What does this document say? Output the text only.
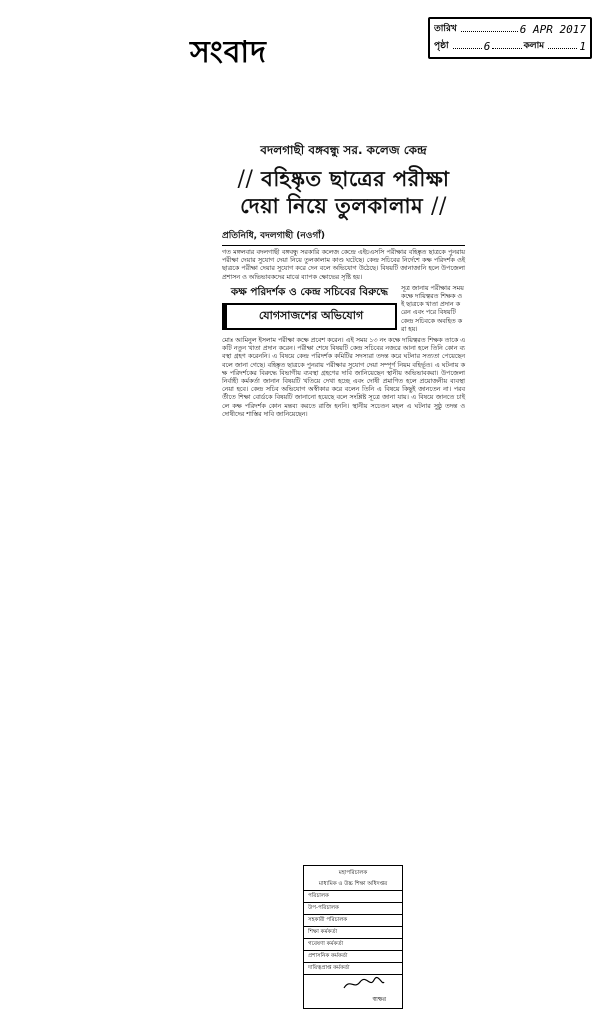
সংবাদ
তারিখ	6 APR 2017
পৃষ্ঠা	6	কলাম	1
বদলগাছী বঙ্গবন্ধু সর. কলেজ কেন্দ্র
// বহিষ্কৃত ছাত্রের পরীক্ষা
দেয়া নিয়ে তুলকালাম //
প্রতিনিধি, বদলগাছী (নওগাঁ)
গত মঙ্গলবার বদলগাছী বঙ্গবন্ধু সরকারি কলেজ কেন্দ্রে এইচএসসি পরীক্ষার বহিষ্কৃত ছাত্রকে পুনরায় পরীক্ষা দেয়ার সুযোগ দেয়া নিয়ে তুলকালাম কাণ্ড ঘটেছে। কেন্দ্র সচিবের নির্দেশে কক্ষ পরিদর্শক ওই ছাত্রকে পরীক্ষা দেয়ার সুযোগ করে দেন বলে অভিযোগ উঠেছে। বিষয়টি জানাজানি হলে উপজেলা প্রশাসন ও অভিভাবকদের মাঝে ব্যাপক ক্ষোভের সৃষ্টি হয়।
কক্ষ পরিদর্শক ও কেন্দ্র সচিবের বিরুদ্ধে
যোগসাজশের অভিযোগ
সূত্র জানায় পরীক্ষার সময় কক্ষে দায়িত্বরত শিক্ষক ওই ছাত্রকে খাতা প্রদান করেন এবং পরে বিষয়টি কেন্দ্র সচিবকে অবহিত করা হয়।
মোঃ আমিনুল ইসলাম পরীক্ষা কক্ষে প্রবেশ করেন। এই সময় ১৩ নং কক্ষে দায়িত্বরত শিক্ষক তাকে একটি নতুন খাতা প্রদান করেন। পরীক্ষা শেষে বিষয়টি কেন্দ্র সচিবের নজরে আনা হলে তিনি কোন ব্যবস্থা গ্রহণ করেননি। এ বিষয়ে কেন্দ্র পরিদর্শক কমিটির সদস্যরা তদন্ত করে ঘটনার সত্যতা পেয়েছেন বলে জানা গেছে। বহিষ্কৃত ছাত্রকে পুনরায় পরীক্ষার সুযোগ দেয়া সম্পূর্ণ নিয়ম বহির্ভূত। এ ঘটনায় কক্ষ পরিদর্শকের বিরুদ্ধে বিভাগীয় ব্যবস্থা গ্রহণের দাবি জানিয়েছেন স্থানীয় অভিভাবকরা। উপজেলা নির্বাহী কর্মকর্তা জানান বিষয়টি খতিয়ে দেখা হচ্ছে এবং দোষী প্রমাণিত হলে প্রয়োজনীয় ব্যবস্থা নেয়া হবে। কেন্দ্র সচিব অভিযোগ অস্বীকার করে বলেন তিনি এ বিষয়ে কিছুই জানতেন না। পরবর্তীতে শিক্ষা বোর্ডকে বিষয়টি জানানো হয়েছে বলে সংশ্লিষ্ট সূত্রে জানা যায়। এ বিষয়ে জানতে চাইলে কক্ষ পরিদর্শক কোন মন্তব্য করতে রাজি হননি। স্থানীয় সচেতন মহল এ ঘটনার সুষ্ঠু তদন্ত ও দোষীদের শাস্তির দাবি জানিয়েছেন।
মহাপরিচালক
মাধ্যমিক ও উচ্চ শিক্ষা অধিদপ্তর
পরিচালক
উপ-পরিচালক
সহকারী পরিচালক
শিক্ষা কর্মকর্তা
গবেষণা কর্মকর্তা
প্রশাসনিক কর্মকর্তা
দায়িত্বপ্রাপ্ত কর্মকর্তা
স্বাক্ষর
